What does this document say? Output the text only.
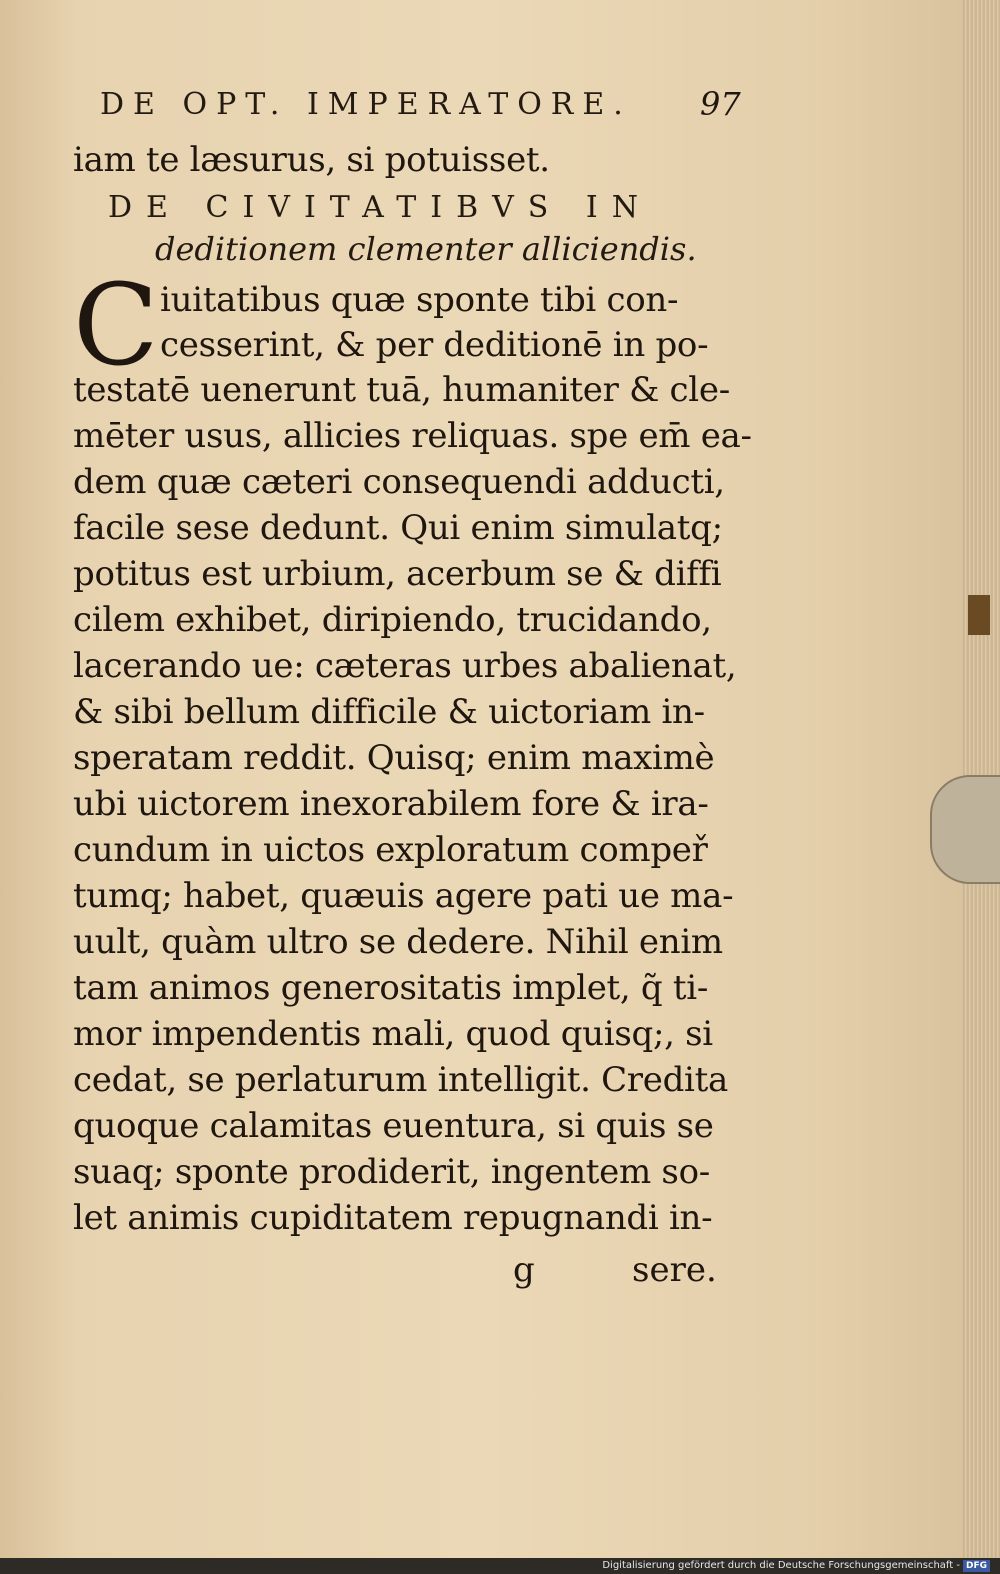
DE OPT. IMPERATORE. 97
iam te læsurus, si potuisset.
DE CIVITATIBVS IN
deditionem clementer alliciendis.
C iuitatibus quæ sponte tibi con-
cesserint, & per deditionē in po-
testatē uenerunt tuā, humaniter & cle-
mēter usus, allicies reliquas. spe em̄ ea-
dem quæ cæteri consequendi adducti,
facile sese dedunt. Qui enim simulatq;
potitus est urbium, acerbum se & diffi
cilem exhibet, diripiendo, trucidando,
lacerando ue: cæteras urbes abalienat,
& sibi bellum difficile & uictoriam in-
speratam reddit. Quisq; enim maximè
ubi uictorem inexorabilem fore & ira-
cundum in uictos exploratum compeř
tumq; habet, quæuis agere pati ue ma-
uult, quàm ultro se dedere. Nihil enim
tam animos generositatis implet, q̃ ti-
mor impendentis mali, quod quisq;, si
cedat, se perlaturum intelligit. Credita
quoque calamitas euentura, si quis se
suaq; sponte prodiderit, ingentem so-
let animis cupiditatem repugnandi in-
g	sere.
Digitalisierung gefördert durch die Deutsche Forschungsgemeinschaft - DFG
